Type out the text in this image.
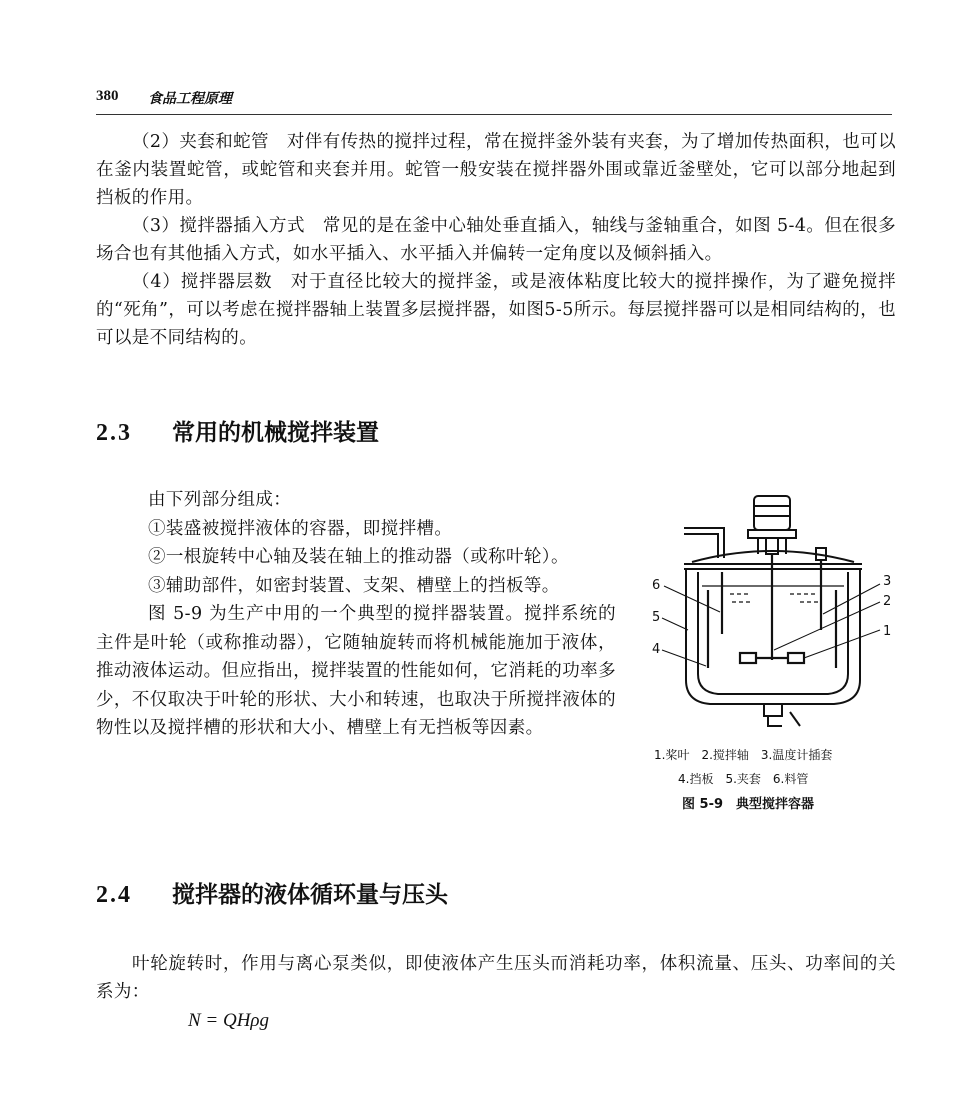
380 食品工程原理

（2）夹套和蛇管　对伴有传热的搅拌过程，常在搅拌釜外装有夹套，为了增加传热面积，也可以在釜内装置蛇管，或蛇管和夹套并用。蛇管一般安装在搅拌器外围或靠近釜壁处，它可以部分地起到挡板的作用。

（3）搅拌器插入方式　常见的是在釜中心轴处垂直插入，轴线与釜轴重合，如图 5-4。但在很多场合也有其他插入方式，如水平插入、水平插入并偏转一定角度以及倾斜插入。

（4）搅拌器层数　对于直径比较大的搅拌釜，或是液体粘度比较大的搅拌操作，为了避免搅拌的“死角”，可以考虑在搅拌器轴上装置多层搅拌器，如图5-5所示。每层搅拌器可以是相同结构的，也可以是不同结构的。

2.3 常用的机械搅拌装置

由下列部分组成：

①装盛被搅拌液体的容器，即搅拌槽。

②一根旋转中心轴及装在轴上的推动器（或称叶轮）。

③辅助部件，如密封装置、支架、槽壁上的挡板等。

图 5-9 为生产中用的一个典型的搅拌器装置。搅拌系统的主件是叶轮（或称推动器），它随轴旋转而将机械能施加于液体，推动液体运动。但应指出，搅拌装置的性能如何，它消耗的功率多少，不仅取决于叶轮的形状、大小和转速，也取决于所搅拌液体的物性以及搅拌槽的形状和大小、槽壁上有无挡板等因素。

6
5
4
3
2
1
1.桨叶　2.搅拌轴　3.温度计插套
4.挡板　5.夹套　6.料管
图 5-9　典型搅拌容器
2.4 搅拌器的液体循环量与压头

叶轮旋转时，作用与离心泵类似，即使液体产生压头而消耗功率，体积流量、压头、功率间的关系为：

N = QHρg
